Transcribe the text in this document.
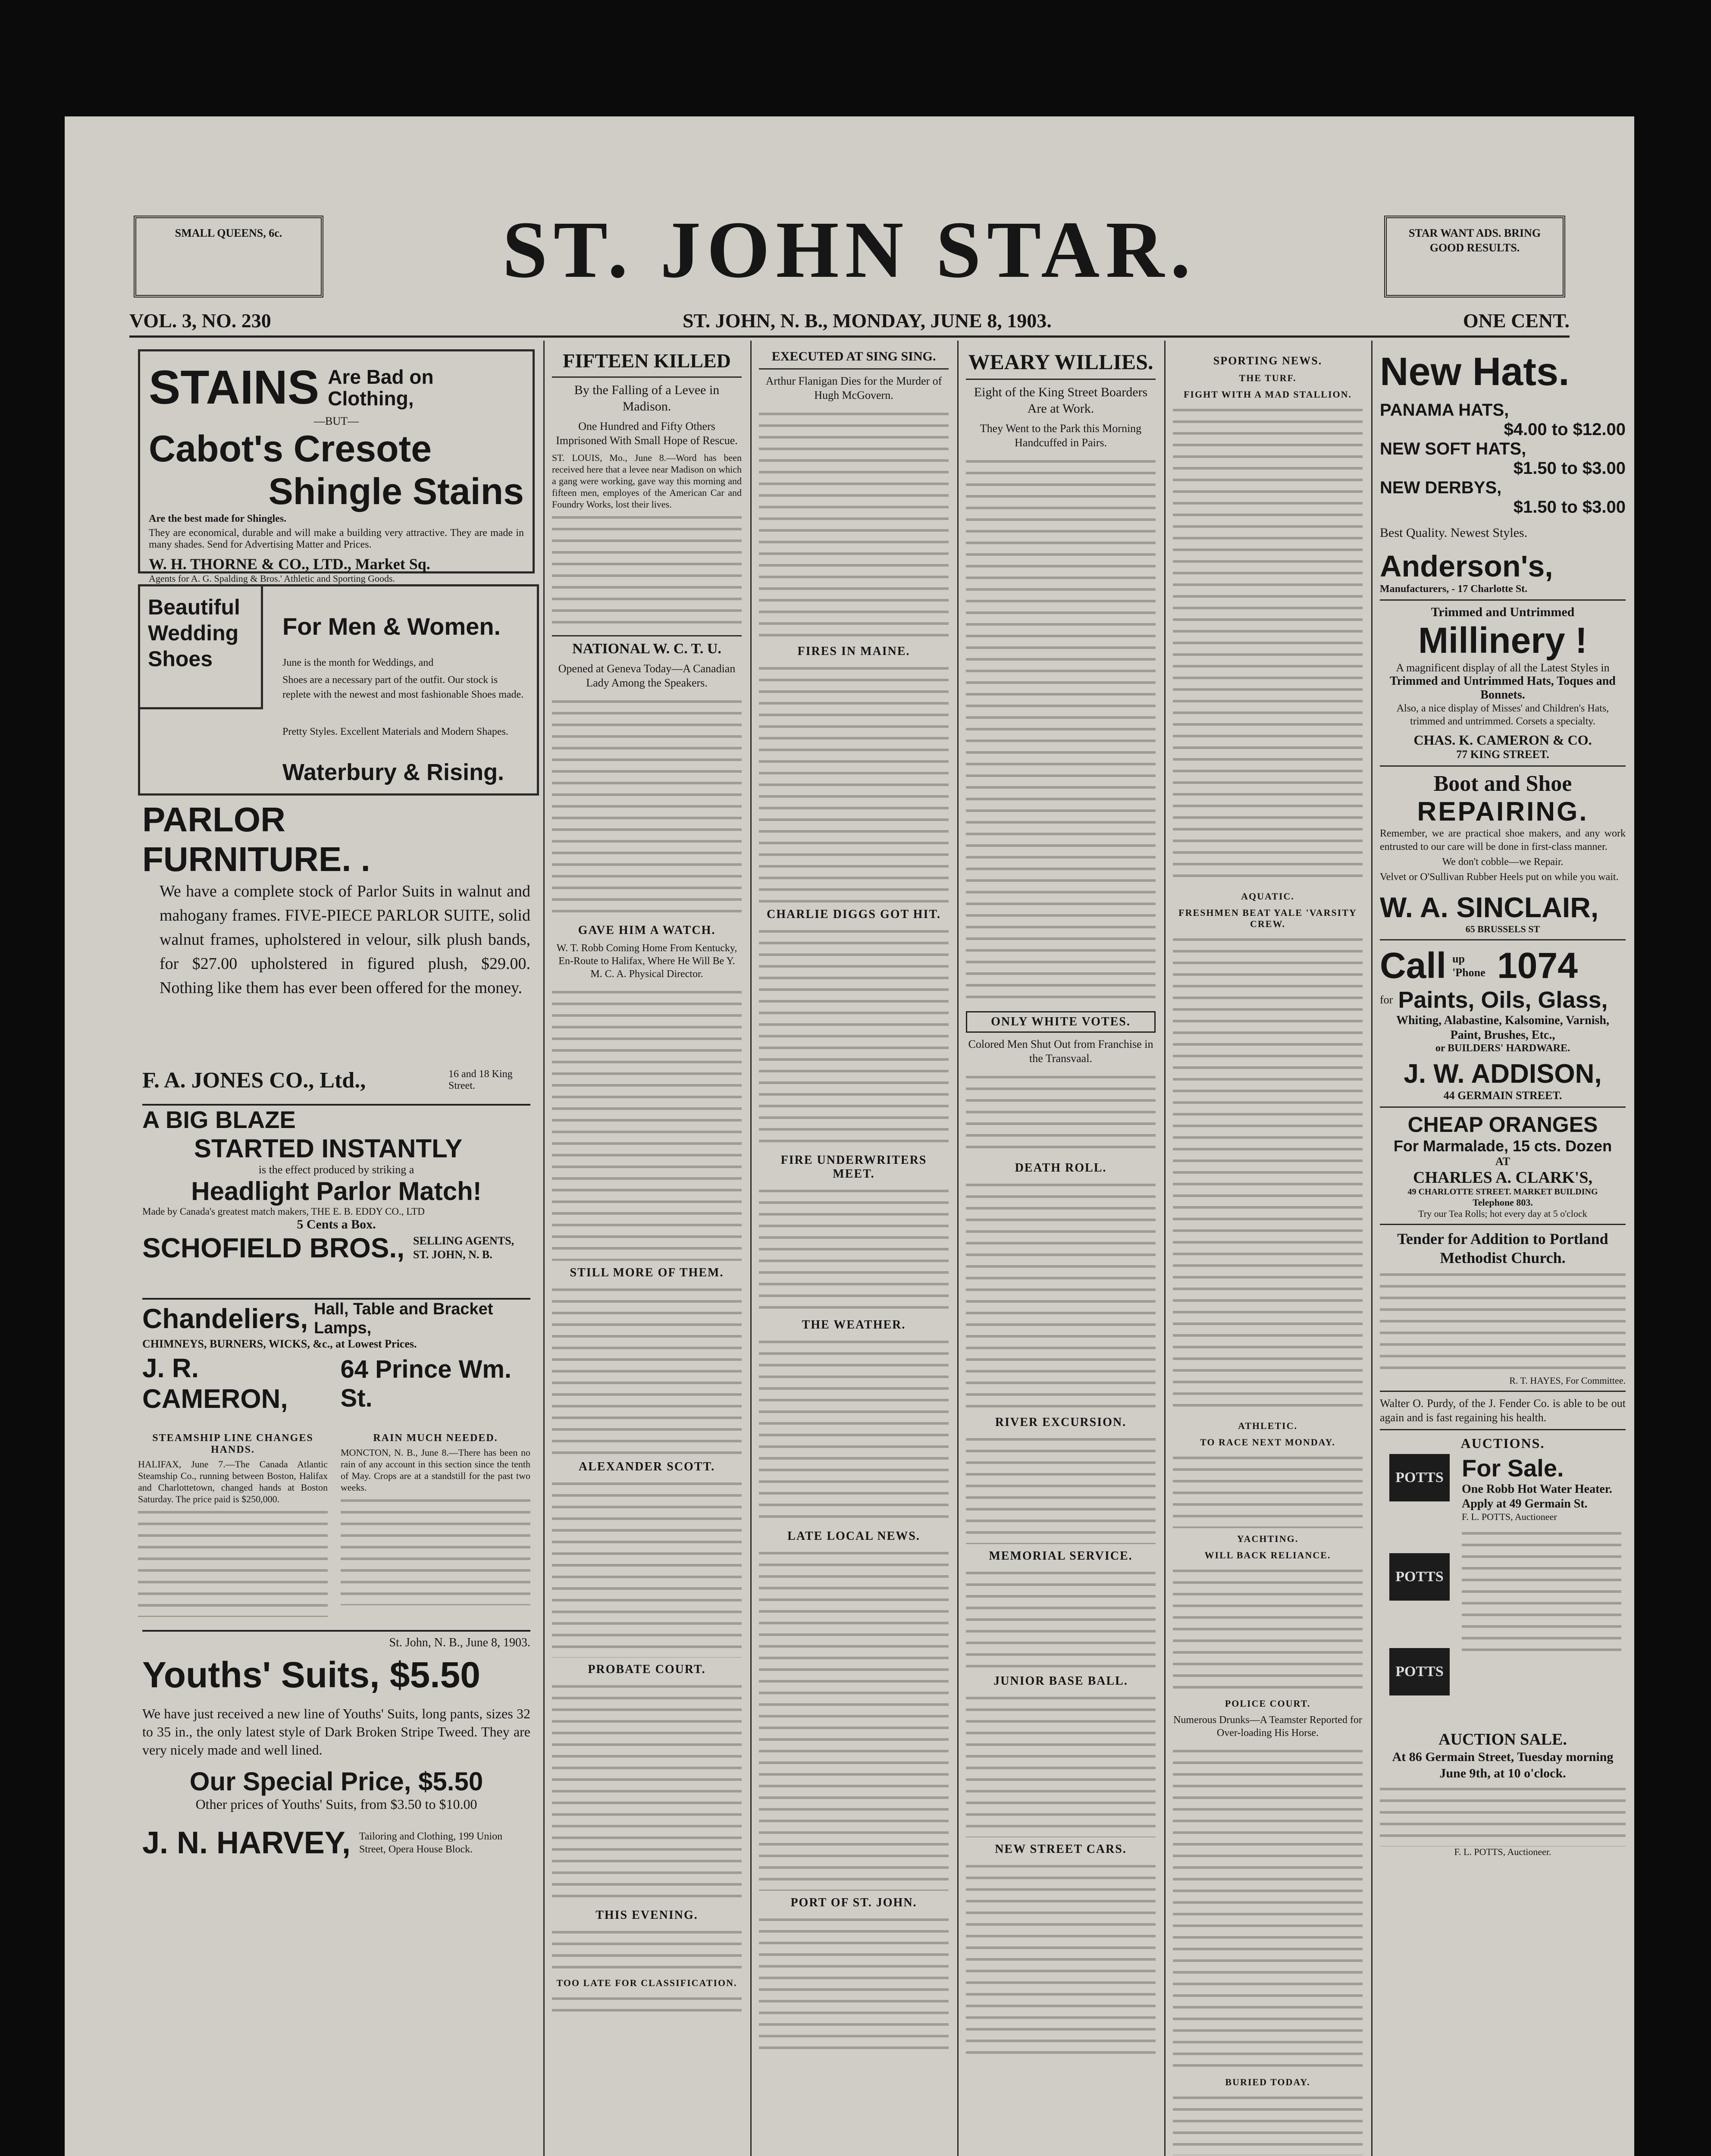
SMALL QUEENS, 6c.	ST. JOHN STAR.	STAR WANT ADS. BRING GOOD RESULTS.
VOL. 3, NO. 230	ST. JOHN, N. B., MONDAY, JUNE 8, 1903.	ONE CENT.
STAINS Are Bad on Clothing,
—BUT—
Cabot's Cresote
Shingle Stains
Are the best made for Shingles.
They are economical, durable and will make a building very attractive. They are made in many shades. Send for Advertising Matter and Prices.
W. H. THORNE & CO., LTD., Market Sq.
Agents for A. G. Spalding & Bros.' Athletic and Sporting Goods.
Beautiful Wedding Shoes
For Men & Women.
June is the month for Weddings, and
Shoes are a necessary part of the outfit. Our stock is replete with the newest and most fashionable Shoes made.
Pretty Styles. Excellent Materials and Modern Shapes.
Waterbury & Rising.
PARLOR
FURNITURE. .
We have a complete stock of Parlor Suits in walnut and mahogany frames. FIVE-PIECE PARLOR SUITE, solid walnut frames, upholstered in velour, silk plush bands, for $27.00 upholstered in figured plush, $29.00. Nothing like them has ever been offered for the money.
F. A. JONES CO., Ltd.,	16 and 18 King Street.
A BIG BLAZE
STARTED INSTANTLY
is the effect produced by striking a
Headlight Parlor Match!
Made by Canada's greatest match makers, THE E. B. EDDY CO., LTD
5 Cents a Box.
SCHOFIELD BROS., SELLING AGENTS, ST. JOHN, N. B.
Chandeliers, Hall, Table and Bracket Lamps,
CHIMNEYS, BURNERS, WICKS, &c., at Lowest Prices.
J. R. CAMERON,
64 Prince Wm. St.
STEAMSHIP LINE CHANGES HANDS.
HALIFAX, June 7.—The Canada Atlantic Steamship Co., running between Boston, Halifax and Charlottetown, changed hands at Boston Saturday. The price paid is $250,000.
RAIN MUCH NEEDED.
MONCTON, N. B., June 8.—There has been no rain of any account in this section since the tenth of May. Crops are at a standstill for the past two weeks.
St. John, N. B., June 8, 1903.
Youths' Suits, $5.50
We have just received a new line of Youths' Suits, long pants, sizes 32 to 35 in., the only latest style of Dark Broken Stripe Tweed. They are very nicely made and well lined.
Our Special Price, $5.50
Other prices of Youths' Suits, from $3.50 to $10.00
J. N. HARVEY, Tailoring and Clothing, 199 Union Street, Opera House Block.
FIFTEEN KILLED
By the Falling of a Levee in Madison.
One Hundred and Fifty Others Imprisoned With Small Hope of Rescue.
ST. LOUIS, Mo., June 8.—Word has been received here that a levee near Madison on which a gang were working, gave way this morning and fifteen men, employes of the American Car and Foundry Works, lost their lives.
NATIONAL W. C. T. U.
Opened at Geneva Today—A Canadian Lady Among the Speakers.
GAVE HIM A WATCH.
W. T. Robb Coming Home From Kentucky, En-Route to Halifax, Where He Will Be Y. M. C. A. Physical Director.
STILL MORE OF THEM.
ALEXANDER SCOTT.
PROBATE COURT.
THIS EVENING.
TOO LATE FOR CLASSIFICATION.
EXECUTED AT SING SING.
Arthur Flanigan Dies for the Murder of Hugh McGovern.
FIRES IN MAINE.
CHARLIE DIGGS GOT HIT.
FIRE UNDERWRITERS MEET.
THE WEATHER.
LATE LOCAL NEWS.
PORT OF ST. JOHN.
WEARY WILLIES.
Eight of the King Street Boarders Are at Work.
They Went to the Park this Morning Handcuffed in Pairs.
ONLY WHITE VOTES.
Colored Men Shut Out from Franchise in the Transvaal.
DEATH ROLL.
RIVER EXCURSION.
MEMORIAL SERVICE.
JUNIOR BASE BALL.
NEW STREET CARS.
SPORTING NEWS.
THE TURF.
FIGHT WITH A MAD STALLION.
AQUATIC.
FRESHMEN BEAT YALE 'VARSITY CREW.
ATHLETIC.
TO RACE NEXT MONDAY.
YACHTING.
WILL BACK RELIANCE.
POLICE COURT.
Numerous Drunks—A Teamster Reported for Over-loading His Horse.
BURIED TODAY.
New Hats.
PANAMA HATS,
$4.00 to $12.00
NEW SOFT HATS,
$1.50 to $3.00
NEW DERBYS,
$1.50 to $3.00
Best Quality. Newest Styles.
Anderson's,
Manufacturers, - 17 Charlotte St.
Trimmed and Untrimmed
Millinery !
A magnificent display of all the Latest Styles in
Trimmed and Untrimmed Hats, Toques and Bonnets.
Also, a nice display of Misses' and Children's Hats, trimmed and untrimmed. Corsets a specialty.
CHAS. K. CAMERON & CO.
77 KING STREET.
Boot and Shoe
REPAIRING.
Remember, we are practical shoe makers, and any work entrusted to our care will be done in first-class manner.
We don't cobble—we Repair.
Velvet or O'Sullivan Rubber Heels put on while you wait.
W. A. SINCLAIR,
65 BRUSSELS ST
Call up 'Phone 1074
for Paints, Oils, Glass,
Whiting, Alabastine, Kalsomine, Varnish, Paint, Brushes, Etc.,
or BUILDERS' HARDWARE.
J. W. ADDISON,
44 GERMAIN STREET.
CHEAP ORANGES
For Marmalade, 15 cts. Dozen
AT
CHARLES A. CLARK'S,
49 CHARLOTTE STREET. MARKET BUILDING
Telephone 803.
Try our Tea Rolls; hot every day at 5 o'clock
Tender for Addition to Portland Methodist Church.
R. T. HAYES, For Committee.
Walter O. Purdy, of the J. Fender Co. is able to be out again and is fast regaining his health.
AUCTIONS.
POTTS
POTTS
POTTS
For Sale.
One Robb Hot Water Heater. Apply at 49 Germain St.
F. L. POTTS, Auctioneer
AUCTION SALE.
At 86 Germain Street, Tuesday morning June 9th, at 10 o'clock.
F. L. POTTS, Auctioneer.
